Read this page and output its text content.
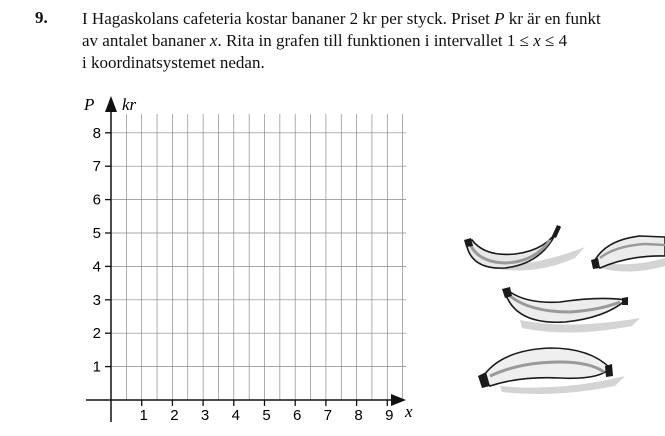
9. I Hagaskolans cafeteria kostar bananer 2 kr per styck. Priset P kr är en funkt
av antalet bananer x. Rita in grafen till funktionen i intervallet 1 ≤ x ≤ 4
i koordinatsystemet nedan.
1 2 3 4 5 6 7 8 9
1
2
3
4
5
6
7
8
P kr
x
